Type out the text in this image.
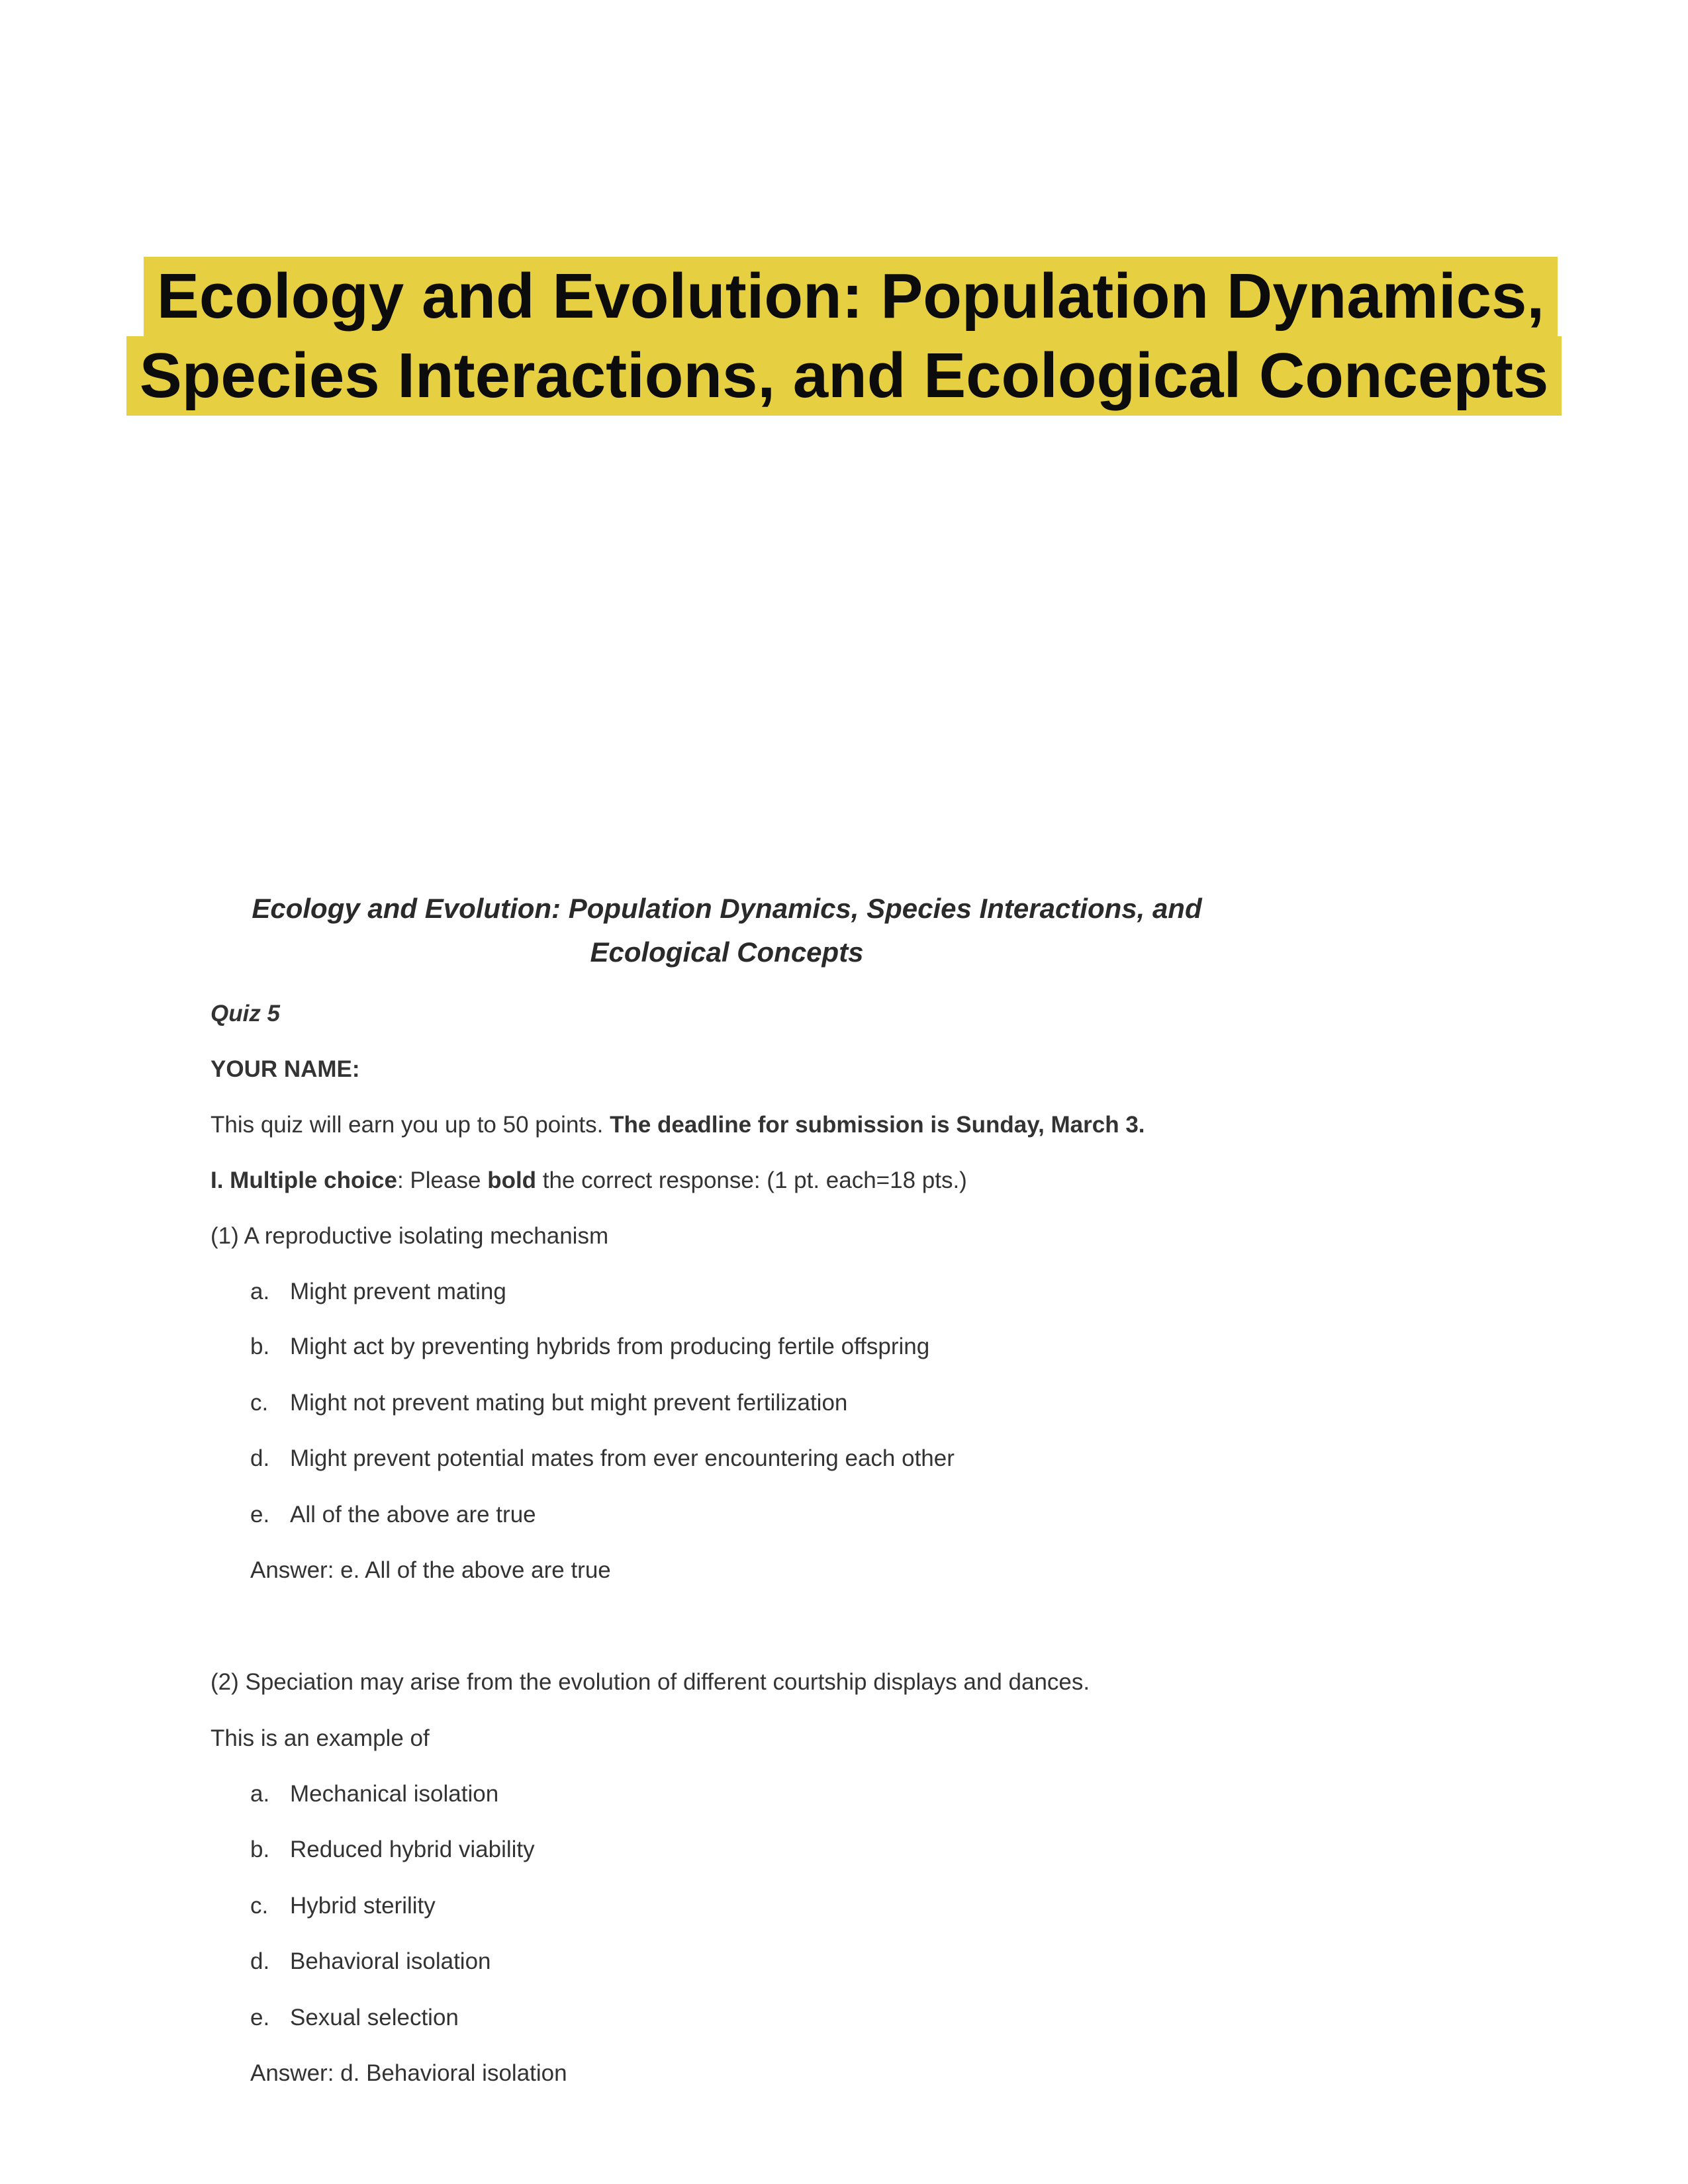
Ecology and Evolution: Population Dynamics,
Species Interactions, and Ecological Concepts
Ecology and Evolution: Population Dynamics, Species Interactions, and
Ecological Concepts
Quiz 5
YOUR NAME:
This quiz will earn you up to 50 points. The deadline for submission is Sunday, March 3.
I. Multiple choice: Please bold the correct response: (1 pt. each=18 pts.)
(1) A reproductive isolating mechanism
a. Might prevent mating
b. Might act by preventing hybrids from producing fertile offspring
c. Might not prevent mating but might prevent fertilization
d. Might prevent potential mates from ever encountering each other
e. All of the above are true
Answer: e. All of the above are true
(2) Speciation may arise from the evolution of different courtship displays and dances.
This is an example of
a. Mechanical isolation
b. Reduced hybrid viability
c. Hybrid sterility
d. Behavioral isolation
e. Sexual selection
Answer: d. Behavioral isolation
